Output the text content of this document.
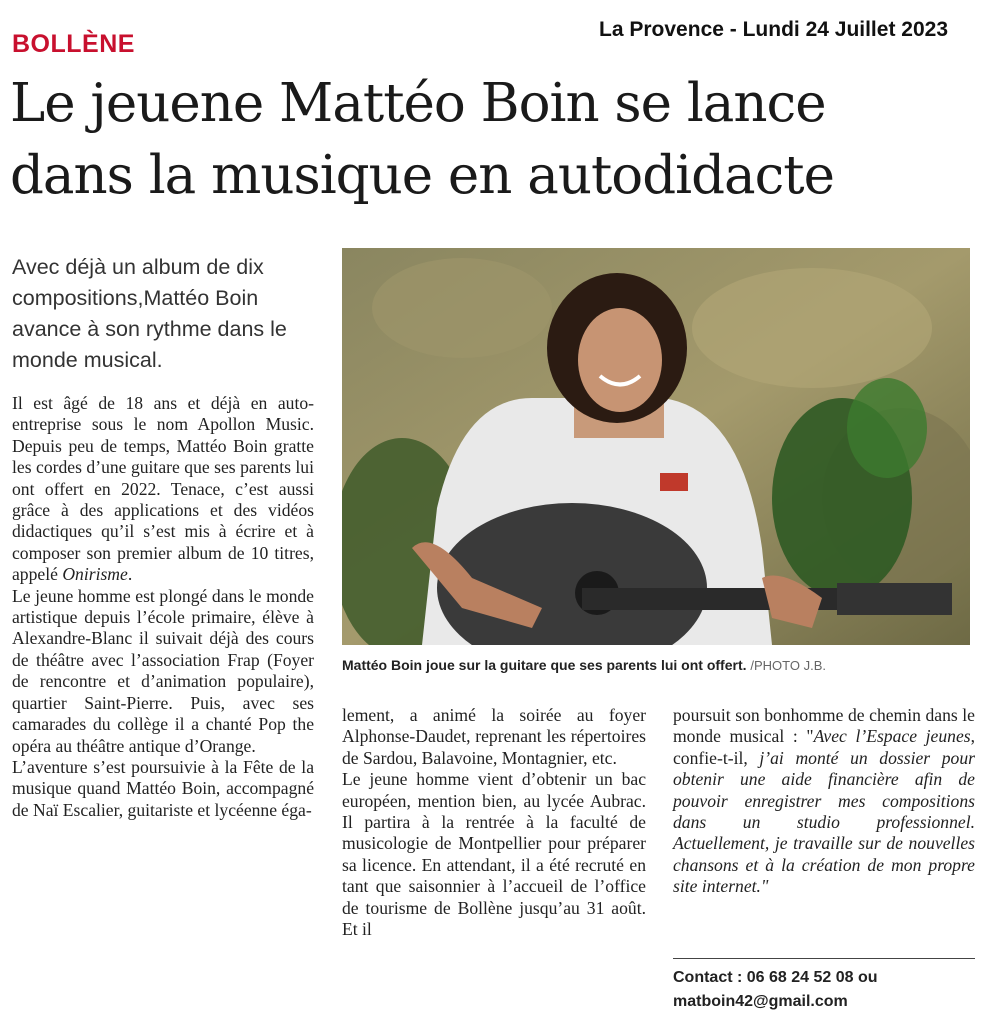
La Provence - Lundi 24 Juillet 2023
BOLLÈNE
Le jeuene Mattéo Boin se lance
dans la musique en autodidacte
Avec déjà un album de dix
compositions,Mattéo Boin
avance à son rythme dans le
monde musical.

Il est âgé de 18 ans et déjà en auto-entreprise sous le nom Apollon Music. Depuis peu de temps, Mattéo Boin gratte les cordes d’une guitare que ses parents lui ont offert en 2022. Tenace, c’est aussi grâce à des applications et des vidéos didactiques qu’il s’est mis à écrire et à composer son premier album de 10 titres, appelé Onirisme.

Le jeune homme est plongé dans le monde artistique depuis l’école primaire, élève à Alexandre-Blanc il suivait déjà des cours de théâtre avec l’association Frap (Foyer de rencontre et d’animation populaire), quartier Saint-Pierre. Puis, avec ses camarades du collège il a chanté Pop the opéra au théâtre antique d’Orange.

L’aventure s’est poursuivie à la Fête de la musique quand Mattéo Boin, accompagné de Naï Escalier, guitariste et lycéenne éga-

Mattéo Boin joue sur la guitare que ses parents lui ont offert. /PHOTO J.B.

lement, a animé la soirée au foyer Alphonse-Daudet, reprenant les répertoires de Sardou, Balavoine, Montagnier, etc.

Le jeune homme vient d’obtenir un bac européen, mention bien, au lycée Aubrac. Il partira à la rentrée à la faculté de musicologie de Montpellier pour préparer sa licence. En attendant, il a été recruté en tant que saisonnier à l’accueil de l’office de tourisme de Bollène jusqu’au 31 août. Et il

poursuit son bonhomme de chemin dans le monde musical : "Avec l’Espace jeunes, confie-t-il, j’ai monté un dossier pour obtenir une aide financière afin de pouvoir enregistrer mes compositions dans un studio professionnel. Actuellement, je travaille sur de nouvelles chansons et à la création de mon propre site internet."

Contact : 06 68 24 52 08 ou
matboin42@gmail.com
